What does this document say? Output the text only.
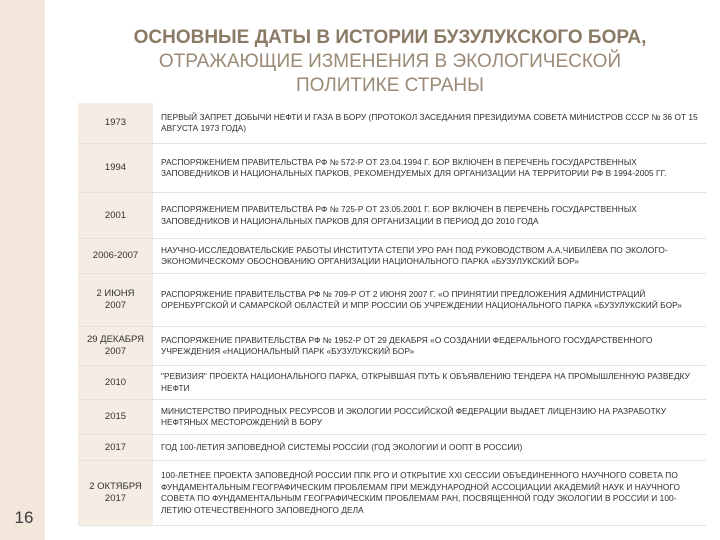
16
ОСНОВНЫЕ ДАТЫ В ИСТОРИИ БУЗУЛУКСКОГО БОРА,
ОТРАЖАЮЩИЕ ИЗМЕНЕНИЯ В ЭКОЛОГИЧЕСКОЙ
ПОЛИТИКЕ СТРАНЫ
1973
ПЕРВЫЙ ЗАПРЕТ ДОБЫЧИ НЕФТИ И ГАЗА В БОРУ (ПРОТОКОЛ ЗАСЕДАНИЯ ПРЕЗИДИУМА СОВЕТА МИНИСТРОВ СССР № 36 ОТ 15 АВГУСТА 1973 ГОДА)
1994
РАСПОРЯЖЕНИЕМ ПРАВИТЕЛЬСТВА РФ № 572-Р ОТ 23.04.1994 Г. БОР ВКЛЮЧЕН В ПЕРЕЧЕНЬ ГОСУДАРСТВЕННЫХ ЗАПОВЕДНИКОВ И НАЦИОНАЛЬНЫХ ПАРКОВ, РЕКОМЕНДУЕМЫХ ДЛЯ ОРГАНИЗАЦИИ НА ТЕРРИТОРИИ РФ В 1994-2005 ГГ.
2001
РАСПОРЯЖЕНИЕМ ПРАВИТЕЛЬСТВА РФ № 725-Р ОТ 23.05.2001 Г. БОР ВКЛЮЧЕН В ПЕРЕЧЕНЬ ГОСУДАРСТВЕННЫХ ЗАПОВЕДНИКОВ И НАЦИОНАЛЬНЫХ ПАРКОВ ДЛЯ ОРГАНИЗАЦИИ В ПЕРИОД ДО 2010 ГОДА
2006-2007
НАУЧНО-ИССЛЕДОВАТЕЛЬСКИЕ РАБОТЫ ИНСТИТУТА СТЕПИ УРО РАН ПОД РУКОВОДСТВОМ А.А.ЧИБИЛЁВА ПО ЭКОЛОГО-ЭКОНОМИЧЕСКОМУ ОБОСНОВАНИЮ ОРГАНИЗАЦИИ НАЦИОНАЛЬНОГО ПАРКА «БУЗУЛУКСКИЙ БОР»
2 ИЮНЯ 2007
РАСПОРЯЖЕНИЕ ПРАВИТЕЛЬСТВА РФ № 709-Р ОТ 2 ИЮНЯ 2007 Г. «О ПРИНЯТИИ ПРЕДЛОЖЕНИЯ АДМИНИСТРАЦИЙ ОРЕНБУРГСКОЙ И САМАРСКОЙ ОБЛАСТЕЙ И МПР РОССИИ ОБ УЧРЕЖДЕНИИ НАЦИОНАЛЬНОГО ПАРКА «БУЗУЛУКСКИЙ БОР»
29 ДЕКАБРЯ 2007
РАСПОРЯЖЕНИЕ ПРАВИТЕЛЬСТВА РФ № 1952-Р ОТ 29 ДЕКАБРЯ «О СОЗДАНИИ ФЕДЕРАЛЬНОГО ГОСУДАРСТВЕННОГО УЧРЕЖДЕНИЯ «НАЦИОНАЛЬНЫЙ ПАРК «БУЗУЛУКСКИЙ БОР»
2010
"РЕВИЗИЯ" ПРОЕКТА НАЦИОНАЛЬНОГО ПАРКА, ОТКРЫВШАЯ ПУТЬ К ОБЪЯВЛЕНИЮ ТЕНДЕРА НА ПРОМЫШЛЕННУЮ РАЗВЕДКУ НЕФТИ
2015
МИНИСТЕРСТВО ПРИРОДНЫХ РЕСУРСОВ И ЭКОЛОГИИ РОССИЙСКОЙ ФЕДЕРАЦИИ ВЫДАЕТ ЛИЦЕНЗИЮ НА РАЗРАБОТКУ НЕФТЯНЫХ МЕСТОРОЖДЕНИЙ В БОРУ
2017	ГОД 100-ЛЕТИЯ ЗАПОВЕДНОЙ СИСТЕМЫ РОССИИ (ГОД ЭКОЛОГИИ И ООПТ В РОССИИ)
2 ОКТЯБРЯ 2017
100-ЛЕТНЕЕ ПРОЕКТА ЗАПОВЕДНОЙ РОССИИ ППК РГО И ОТКРЫТИЕ XXI СЕССИИ ОБЪЕДИНЕННОГО НАУЧНОГО СОВЕТА ПО ФУНДАМЕНТАЛЬНЫМ ГЕОГРАФИЧЕСКИМ ПРОБЛЕМАМ ПРИ МЕЖДУНАРОДНОЙ АССОЦИАЦИИ АКАДЕМИЙ НАУК И НАУЧНОГО СОВЕТА ПО ФУНДАМЕНТАЛЬНЫМ ГЕОГРАФИЧЕСКИМ ПРОБЛЕМАМ РАН, ПОСВЯЩЕННОЙ ГОДУ ЭКОЛОГИИ В РОССИИ И 100-ЛЕТИЮ ОТЕЧЕСТВЕННОГО ЗАПОВЕДНОГО ДЕЛА
